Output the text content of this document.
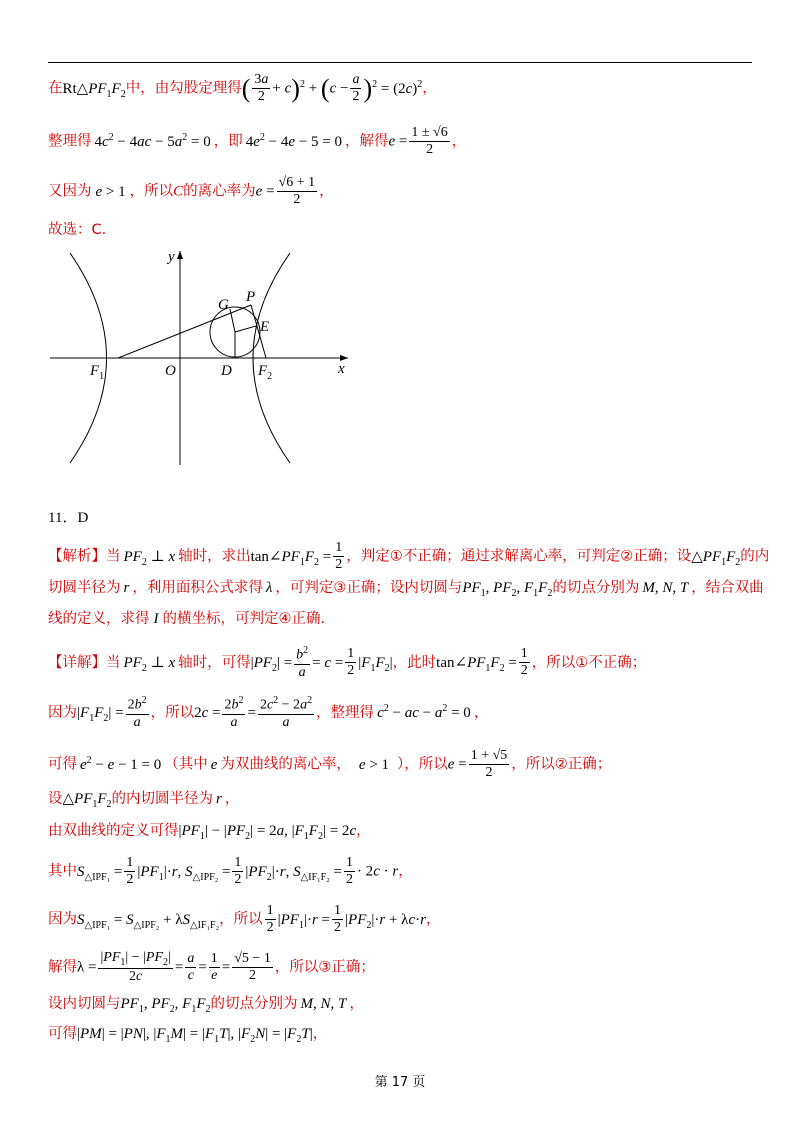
在$Rt\triangle PF_1F_2$中，由勾股定理得( $\frac{3a}{2} + c)^2 + (c - \frac{a}{2} )^2 = (2c)^2$，
整理得 $4c^2 - 4ac - 5a^2 = 0$ ，即 $4e^2 - 4e - 5 = 0$ ，解得$e = \frac{1 \pm √6}{2}$ ，
又因为 e > 1 ，所以C的离心率为$e = \frac{√6 + 1}{2}$ ，
故选：C.
y
G P
E
$F_1$	O	D $F_2$	x
11．D
【解析】当 $PF_2$ ⊥ x 轴时，求出$\tan\angle PF_1F_2 = \frac{1}{2}$ ，判定①不正确；通过求解离心率，可判定②正确；设$\triangle PF_1F_2$的内
切圆半径为 r ，利用面积公式求得 λ ，可判定③正确；设内切圆与$PF_1$, $PF_2$, $F_1F_2$的切点分别为 M, N, T ，结合双曲
线的定义，求得 I 的横坐标，可判定④正确.
【详解】当 $PF_2$ ⊥ x 轴时，可得$|PF_2| = \frac{b^2}{a} = c = \frac{1}{2} |F_1F_2|$，此时$\tan\angle PF_1F_2 = \frac{1}{2}$ ，所以①不正确；
因为$|F_1F_2| = \frac{2b^2}{a}$ ，所以$2c = \frac{2b^2}{a} = \frac{2c^2 - 2a^2}{a}$ ，整理得 $c^2$ − ac − $a^2 = 0$ ，
可得 $e^2 - e - 1 = 0$ （其中 e 为双曲线的离心率， e > 1 ），所以$e = \frac{1 + √5}{2}$ ，所以②正确；
设$\triangle PF_1F_2$的内切圆半径为 r ，
由双曲线的定义可得$|PF_1| - |PF_2| = 2a$, $|F_1F_2| = 2c$，
其中$S_{\triangle IPF_1} = \frac{1}{2} |PF_1|\cdot r$, $S_{\triangle IPF_2} = \frac{1}{2} |PF_2|\cdot r$, $S_{\triangle IF_1F_2} = \frac{1}{2} \cdot 2c \cdot r$，
因为$S_{\triangle IPF_1} = S_{\triangle IPF_2} + \lambda S_{\triangle IF_1F_2}$，所以 $\frac{1}{2} |PF_1|\cdot r = \frac{1}{2} |PF_2|\cdot r + \lambda c\cdot r$，
解得$\lambda = \frac{|PF_1| - |PF_2|}{2c} = \frac{a}{c} = \frac{1}{e} = \frac{√5 - 1}{2}$ ，所以③正确；
设内切圆与$PF_1$, $PF_2$, $F_1F_2$的切点分别为 M, N, T ，
可得|PM| = |PN|, $|F_1M| = |F_1T|$, $|F_2N| = |F_2T|$，
第 17 页
